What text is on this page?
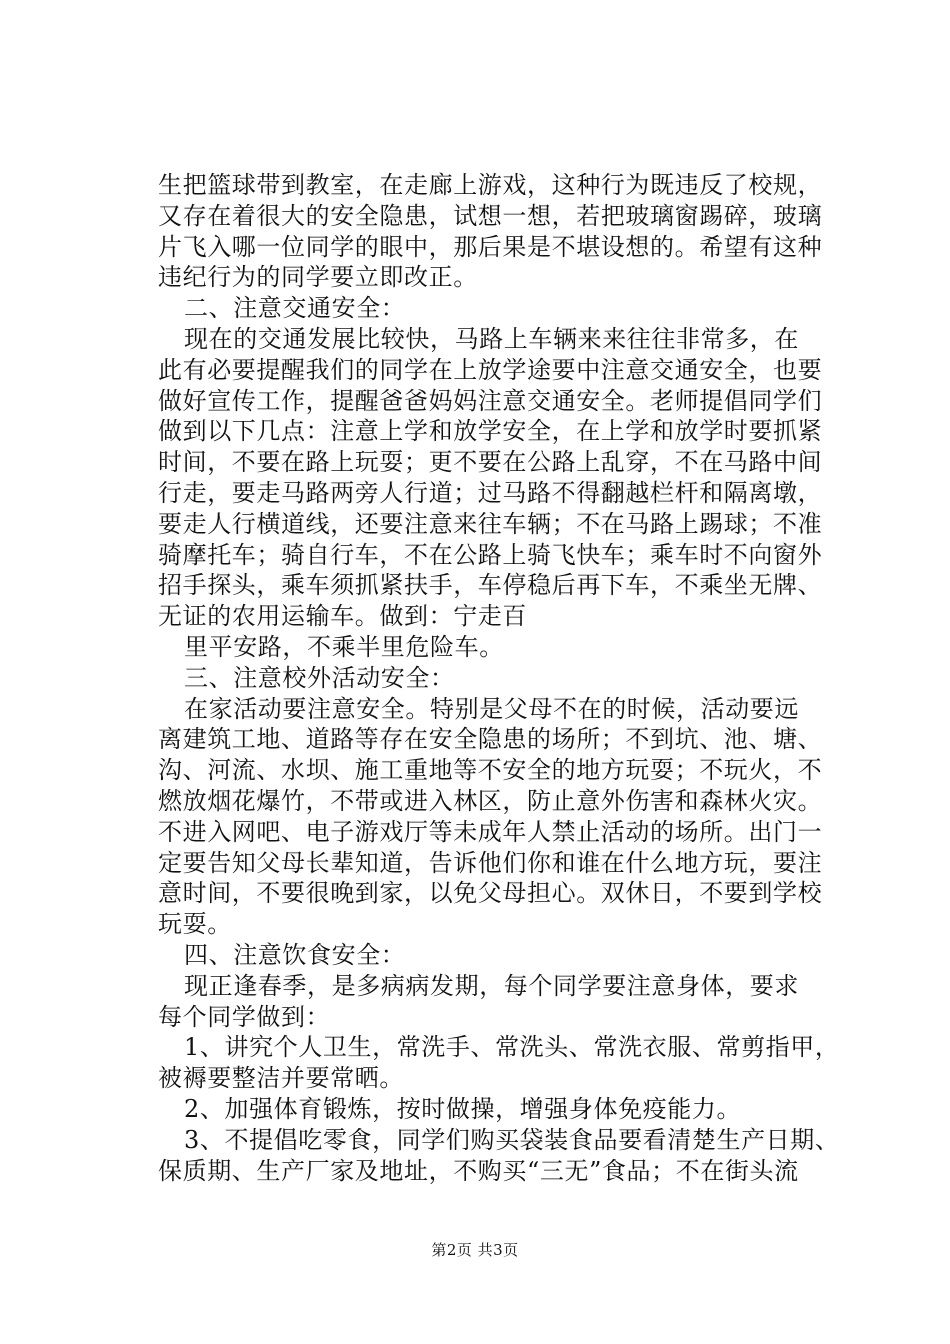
生把篮球带到教室，在走廊上游戏，这种行为既违反了校规，
又存在着很大的安全隐患，试想一想，若把玻璃窗踢碎，玻璃
片飞入哪一位同学的眼中，那后果是不堪设想的。希望有这种
违纪行为的同学要立即改正。
二、注意交通安全：
现在的交通发展比较快，马路上车辆来来往往非常多，在
此有必要提醒我们的同学在上放学途要中注意交通安全，也要
做好宣传工作，提醒爸爸妈妈注意交通安全。老师提倡同学们
做到以下几点：注意上学和放学安全，在上学和放学时要抓紧
时间，不要在路上玩耍；更不要在公路上乱穿，不在马路中间
行走，要走马路两旁人行道；过马路不得翻越栏杆和隔离墩，
要走人行横道线，还要注意来往车辆；不在马路上踢球；不准
骑摩托车；骑自行车，不在公路上骑飞快车；乘车时不向窗外
招手探头，乘车须抓紧扶手，车停稳后再下车，不乘坐无牌、
无证的农用运输车。做到：宁走百
里平安路，不乘半里危险车。
三、注意校外活动安全：
在家活动要注意安全。特别是父母不在的时候，活动要远
离建筑工地、道路等存在安全隐患的场所；不到坑、池、塘、
沟、河流、水坝、施工重地等不安全的地方玩耍；不玩火，不
燃放烟花爆竹，不带或进入林区，防止意外伤害和森林火灾。
不进入网吧、电子游戏厅等未成年人禁止活动的场所。出门一
定要告知父母长辈知道，告诉他们你和谁在什么地方玩，要注
意时间，不要很晚到家，以免父母担心。双休日，不要到学校
玩耍。
四、注意饮食安全：
现正逢春季，是多病病发期，每个同学要注意身体，要求
每个同学做到：
1、讲究个人卫生，常洗手、常洗头、常洗衣服、常剪指甲，
被褥要整洁并要常晒。
2、加强体育锻炼，按时做操，增强身体免疫能力。
3、不提倡吃零食，同学们购买袋装食品要看清楚生产日期、
保质期、生产厂家及地址，不购买“三无”食品；不在街头流
第2页 共3页
